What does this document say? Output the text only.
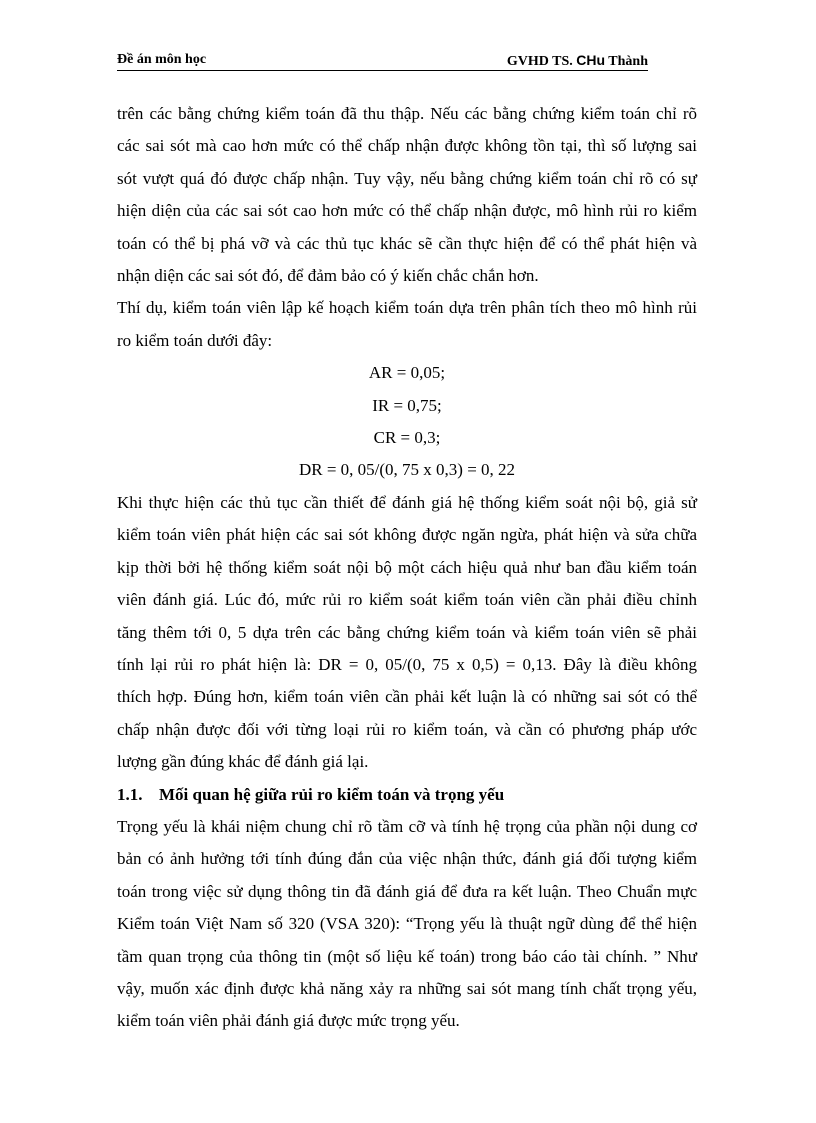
Đề án môn học	GVHD TS. CHu Thành
trên các bằng chứng kiểm toán đã thu thập. Nếu các bằng chứng kiểm toán chỉ rõ
các sai sót mà cao hơn mức có thể chấp nhận được không tồn tại, thì số lượng sai
sót vượt quá đó được chấp nhận. Tuy vậy, nếu bằng chứng kiểm toán chỉ rõ có sự
hiện diện của các sai sót cao hơn mức có thể chấp nhận được, mô hình rủi ro kiểm
toán có thể bị phá vỡ và các thủ tục khác sẽ cần thực hiện để có thể phát hiện và
nhận diện các sai sót đó, để đảm bảo có ý kiến chắc chắn hơn.
Thí dụ, kiểm toán viên lập kế hoạch kiểm toán dựa trên phân tích theo mô hình rủi
ro kiểm toán dưới đây:

AR = 0,05;

IR = 0,75;

CR = 0,3;

DR = 0, 05/(0, 75 x 0,3) = 0, 22

Khi thực hiện các thủ tục cần thiết để đánh giá hệ thống kiểm soát nội bộ, giả sử
kiểm toán viên phát hiện các sai sót không được ngăn ngừa, phát hiện và sửa chữa
kịp thời bởi hệ thống kiểm soát nội bộ một cách hiệu quả như ban đầu kiểm toán
viên đánh giá. Lúc đó, mức rủi ro kiểm soát kiểm toán viên cần phải điều chỉnh
tăng thêm tới 0, 5 dựa trên các bằng chứng kiểm toán và kiểm toán viên sẽ phải
tính lại rủi ro phát hiện là: DR = 0, 05/(0, 75 x 0,5) = 0,13. Đây là điều không
thích hợp. Đúng hơn, kiểm toán viên cần phải kết luận là có những sai sót có thể
chấp nhận được đối với từng loại rủi ro kiểm toán, và cần có phương pháp ước
lượng gần đúng khác để đánh giá lại.

1.1. Mối quan hệ giữa rủi ro kiểm toán và trọng yếu

Trọng yếu là khái niệm chung chỉ rõ tầm cỡ và tính hệ trọng của phần nội dung cơ
bản có ảnh hưởng tới tính đúng đắn của việc nhận thức, đánh giá đối tượng kiểm
toán trong việc sử dụng thông tin đã đánh giá để đưa ra kết luận. Theo Chuẩn mực
Kiểm toán Việt Nam số 320 (VSA 320): “Trọng yếu là thuật ngữ dùng để thể hiện
tầm quan trọng của thông tin (một số liệu kế toán) trong báo cáo tài chính. ” Như
vậy, muốn xác định được khả năng xảy ra những sai sót mang tính chất trọng yếu,
kiểm toán viên phải đánh giá được mức trọng yếu.
